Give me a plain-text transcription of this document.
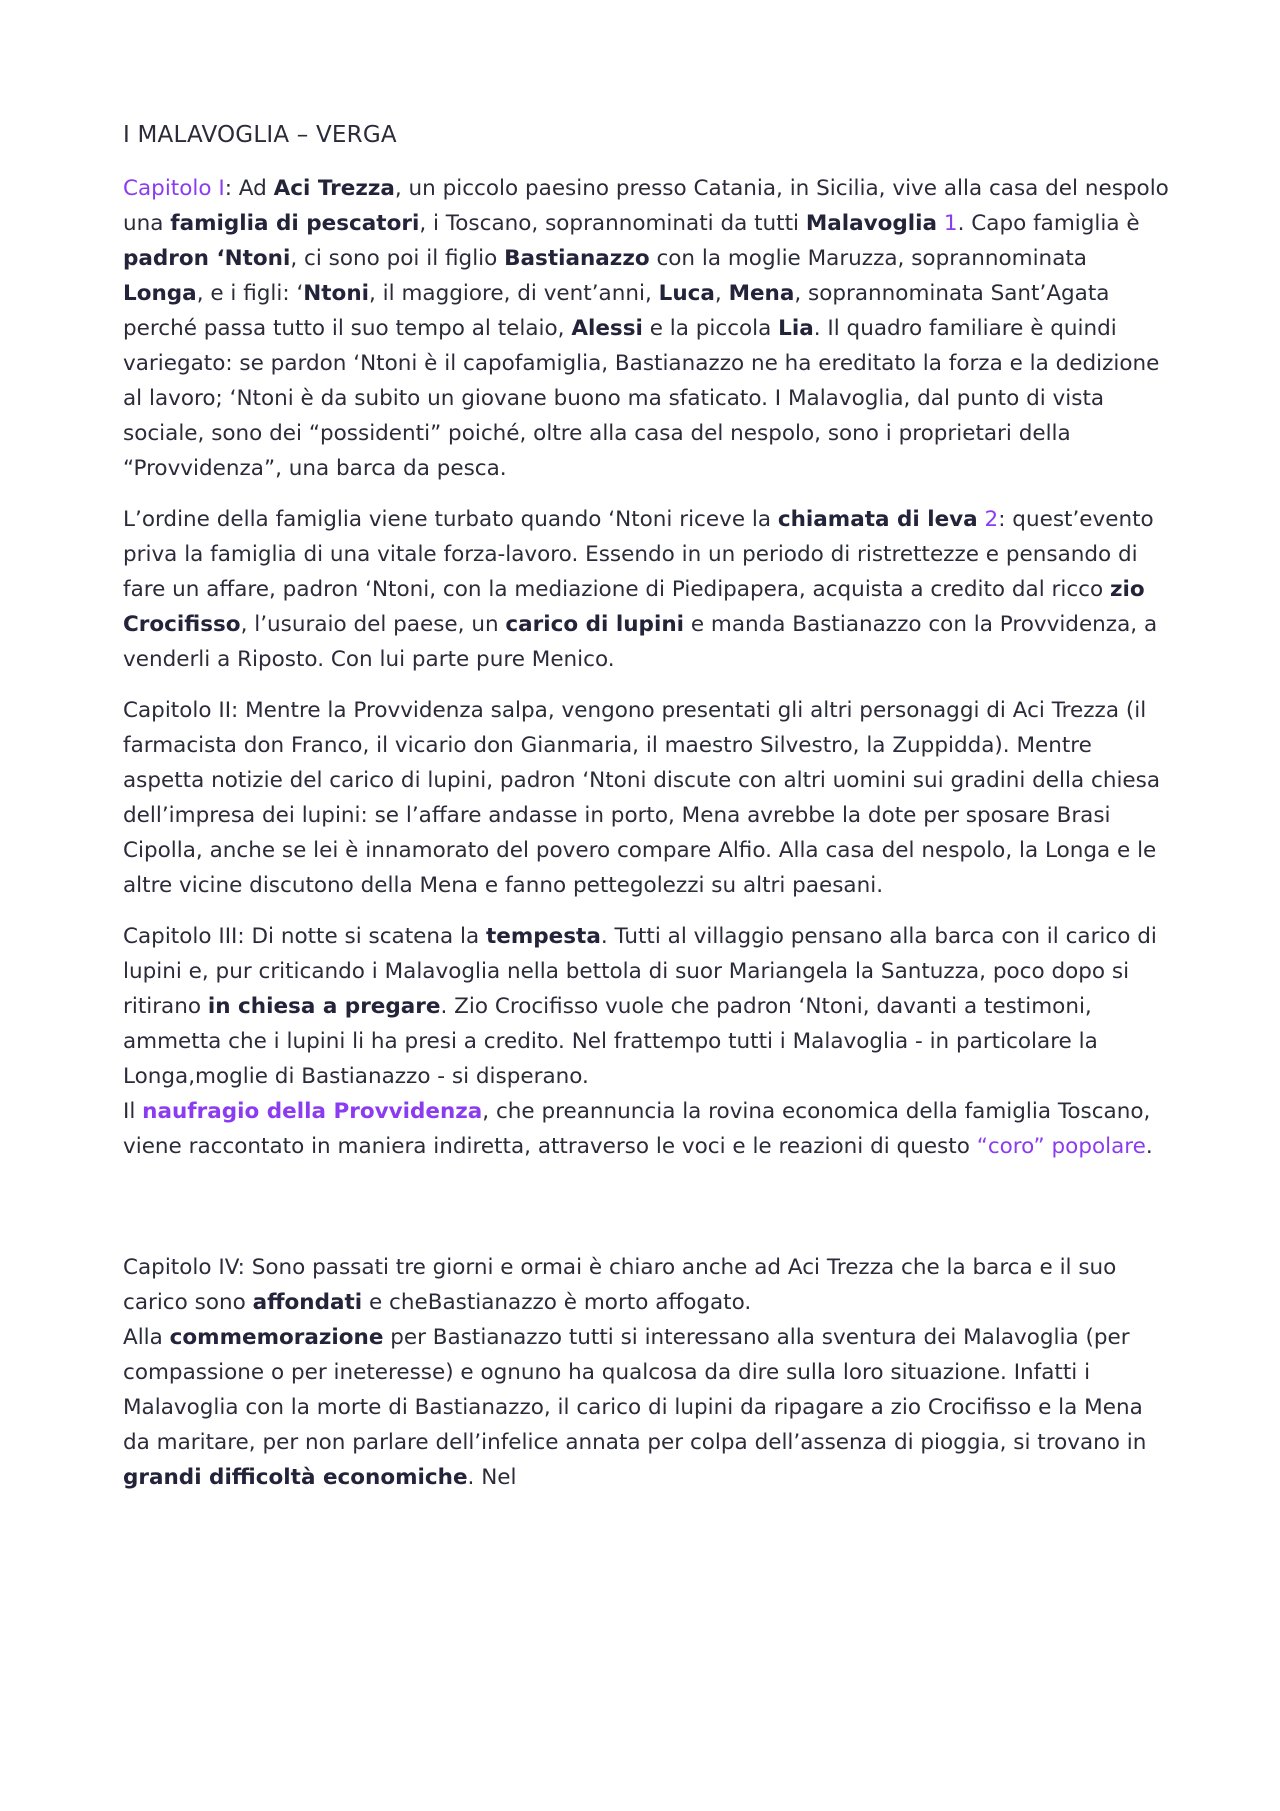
I MALAVOGLIA – VERGA

Capitolo I: Ad Aci Trezza, un piccolo paesino presso Catania, in Sicilia, vive alla casa del nespolo una famiglia di pescatori, i Toscano, soprannominati da tutti Malavoglia 1. Capo famiglia è padron ‘Ntoni, ci sono poi il figlio Bastianazzo con la moglie Maruzza, soprannominata Longa, e i figli: ‘Ntoni, il maggiore, di vent’anni, Luca, Mena, soprannominata Sant’Agata perché passa tutto il suo tempo al telaio, Alessi e la piccola Lia. Il quadro familiare è quindi variegato: se pardon ‘Ntoni è il capofamiglia, Bastianazzo ne ha ereditato la forza e la dedizione al lavoro; ‘Ntoni è da subito un giovane buono ma sfaticato. I Malavoglia, dal punto di vista sociale, sono dei “possidenti” poiché, oltre alla casa del nespolo, sono i proprietari della “Provvidenza”, una barca da pesca.

L’ordine della famiglia viene turbato quando ‘Ntoni riceve la chiamata di leva 2: quest’evento priva la famiglia di una vitale forza-lavoro. Essendo in un periodo di ristrettezze e pensando di fare un affare, padron ‘Ntoni, con la mediazione di Piedipapera, acquista a credito dal ricco zio Crocifisso, l’usuraio del paese, un carico di lupini e manda Bastianazzo con la Provvidenza, a venderli a Riposto. Con lui parte pure Menico.

Capitolo II: Mentre la Provvidenza salpa, vengono presentati gli altri personaggi di Aci Trezza (il farmacista don Franco, il vicario don Gianmaria, il maestro Silvestro, la Zuppidda). Mentre aspetta notizie del carico di lupini, padron ‘Ntoni discute con altri uomini sui gradini della chiesa dell’impresa dei lupini: se l’affare andasse in porto, Mena avrebbe la dote per sposare Brasi Cipolla, anche se lei è innamorato del povero compare Alfio. Alla casa del nespolo, la Longa e le altre vicine discutono della Mena e fanno pettegolezzi su altri paesani.

Capitolo III: Di notte si scatena la tempesta. Tutti al villaggio pensano alla barca con il carico di lupini e, pur criticando i Malavoglia nella bettola di suor Mariangela la Santuzza, poco dopo si ritirano in chiesa a pregare. Zio Crocifisso vuole che padron ‘Ntoni, davanti a testimoni, ammetta che i lupini li ha presi a credito. Nel frattempo tutti i Malavoglia - in particolare la Longa,moglie di Bastianazzo - si disperano.
Il naufragio della Provvidenza, che preannuncia la rovina economica della famiglia Toscano, viene raccontato in maniera indiretta, attraverso le voci e le reazioni di questo “coro” popolare.

Capitolo IV: Sono passati tre giorni e ormai è chiaro anche ad Aci Trezza che la barca e il suo carico sono affondati e cheBastianazzo è morto affogato.
Alla commemorazione per Bastianazzo tutti si interessano alla sventura dei Malavoglia (per compassione o per ineteresse) e ognuno ha qualcosa da dire sulla loro situazione. Infatti i Malavoglia con la morte di Bastianazzo, il carico di lupini da ripagare a zio Crocifisso e la Mena da maritare, per non parlare dell’infelice annata per colpa dell’assenza di pioggia, si trovano in grandi difficoltà economiche. Nel
